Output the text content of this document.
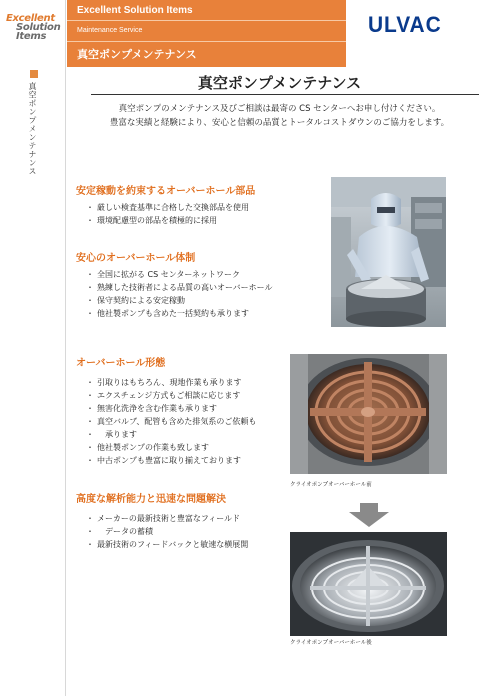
Excellent
Solution
Items
真空ポンプメンテナンス
Excellent Solution Items
Maintenance Service
真空ポンプメンテナンス
ULVAC
真空ポンプメンテナンス
真空ポンプのメンテナンス及びご相談は最寄の CS センターへお申し付けください。
豊富な実績と経験により、安心と信頼の品質とトータルコストダウンのご協力をします。
安定稼動を約束するオーバーホール部品
・ 厳しい検査基準に合格した交換部品を使用
・ 環境配慮型の部品を積極的に採用
安心のオーバーホール体制
・ 全国に拡がる CS センターネットワーク
・ 熟練した技術者による品質の高いオーバーホール
・ 保守契約による安定稼動
・ 他社製ポンプも含めた一括契約も承ります
オーバーホール形態
・ 引取りはもちろん、現地作業も承ります
・ エクスチェンジ方式もご相談に応じます
・ 無害化洗浄を含む作業も承ります
・ 真空バルブ、配管も含めた排気系のご依頼も
・ 承ります
・ 他社製ポンプの作業も致します
・ 中古ポンプも豊富に取り揃えております
高度な解析能力と迅速な問題解決
・ メーカーの最新技術と豊富なフィールド
・ データの蓄積
・ 最新技術のフィードバックと敏速な横展開
クライオポンプオーバーホール前
クライオポンプオーバーホール後
